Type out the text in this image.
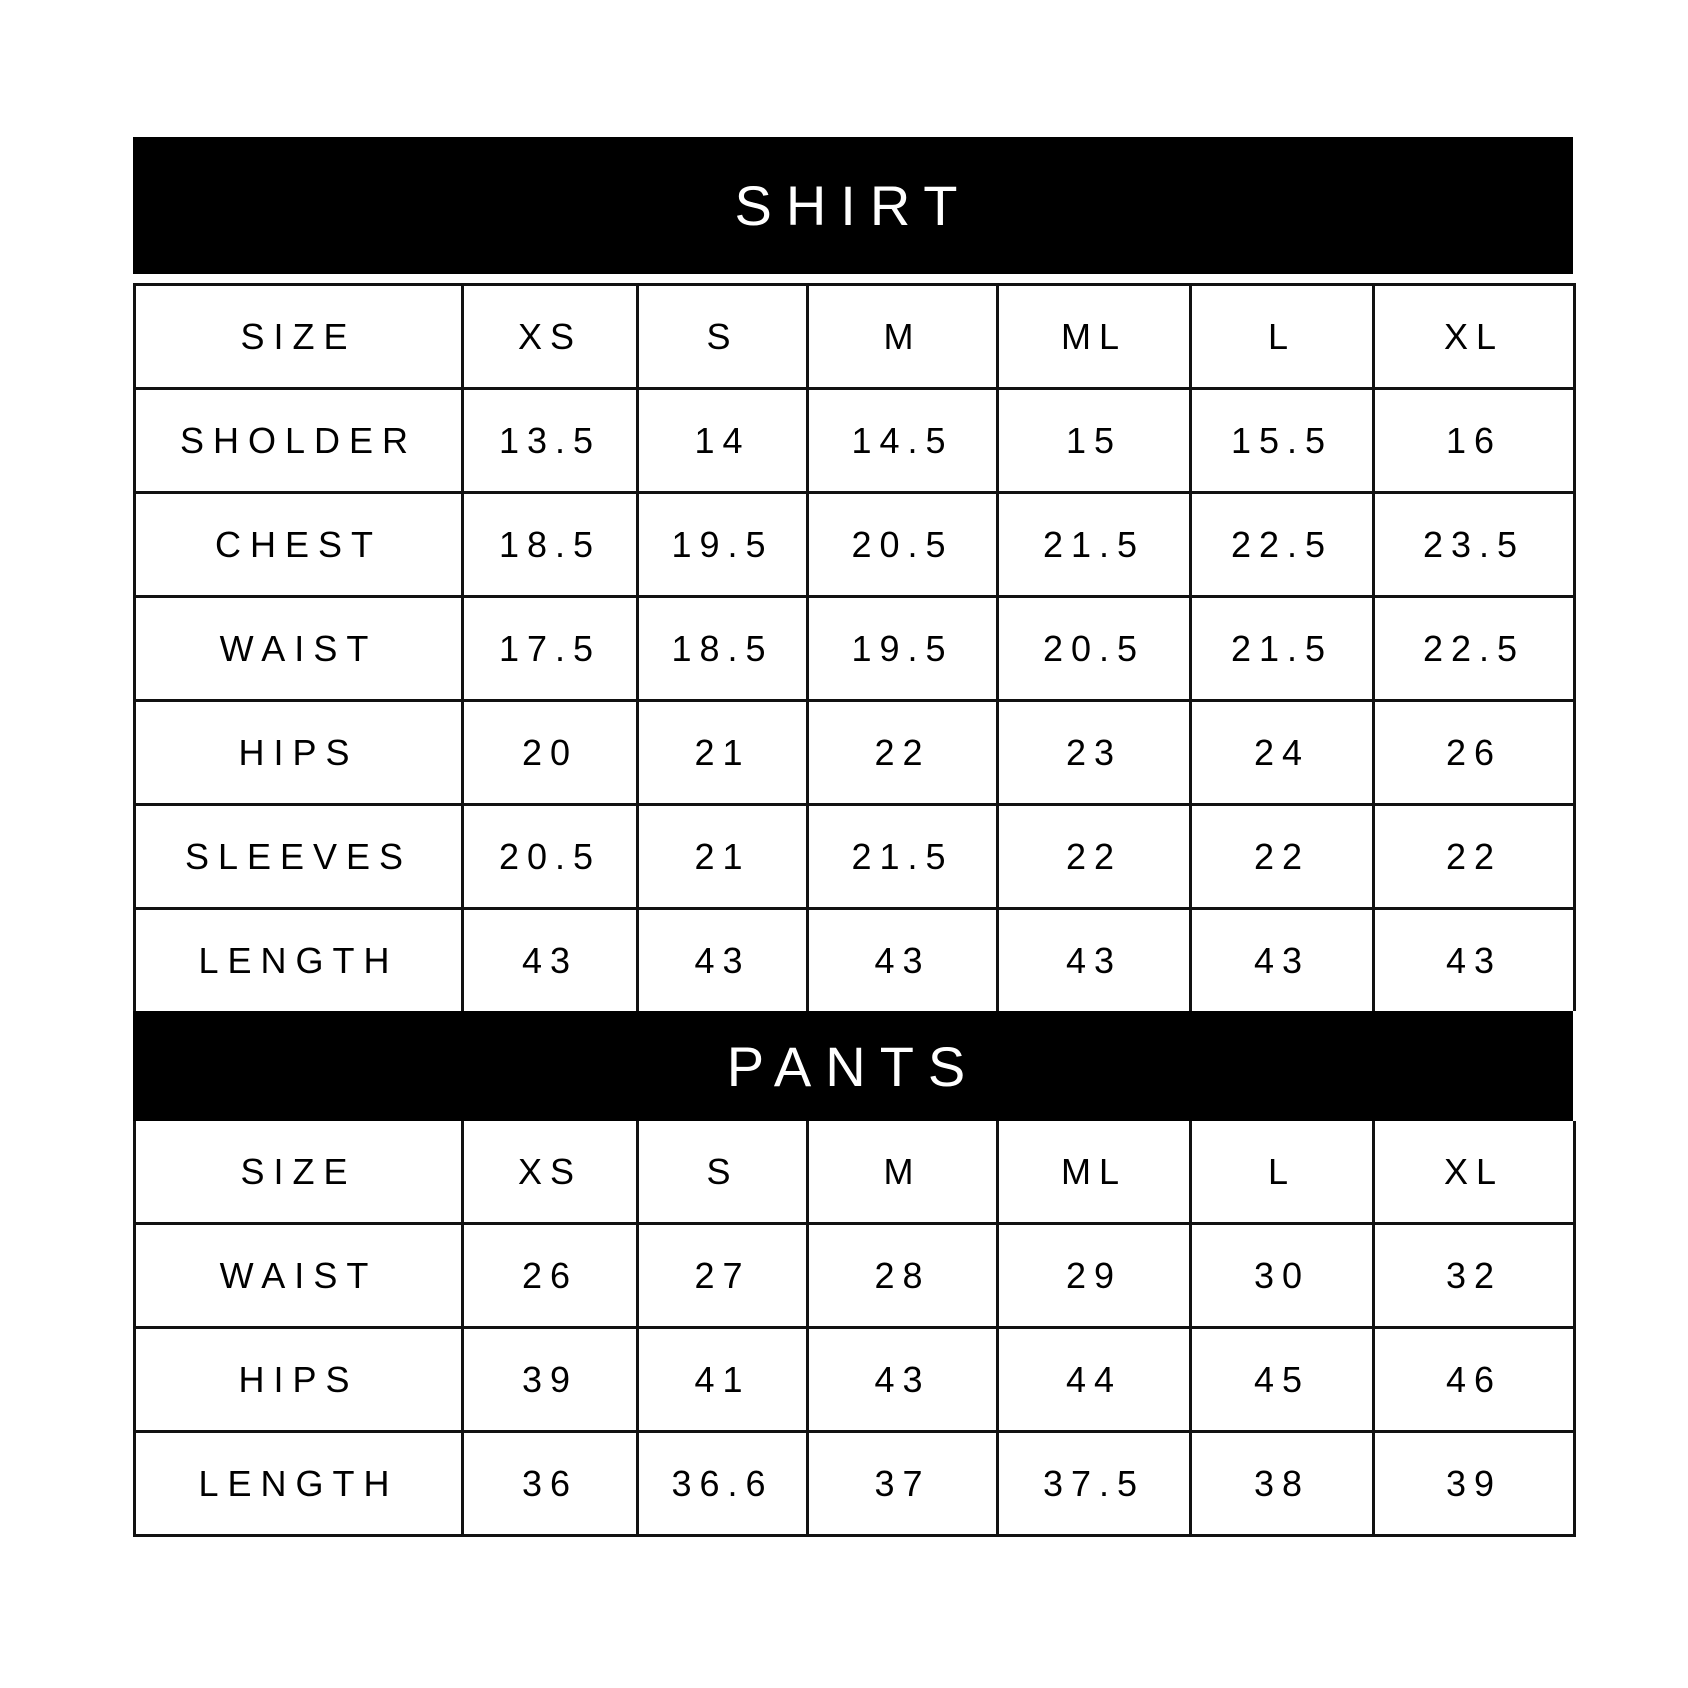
SHIRT
SIZE	XS	S	M	ML	L	XL
SHOLDER	13.5	14	14.5	15	15.5	16
CHEST	18.5	19.5	20.5	21.5	22.5	23.5
WAIST	17.5	18.5	19.5	20.5	21.5	22.5
HIPS	20	21	22	23	24	26
SLEEVES	20.5	21	21.5	22	22	22
LENGTH	43	43	43	43	43	43
PANTS
SIZE	XS	S	M	ML	L	XL
WAIST	26	27	28	29	30	32
HIPS	39	41	43	44	45	46
LENGTH	36	36.6	37	37.5	38	39
